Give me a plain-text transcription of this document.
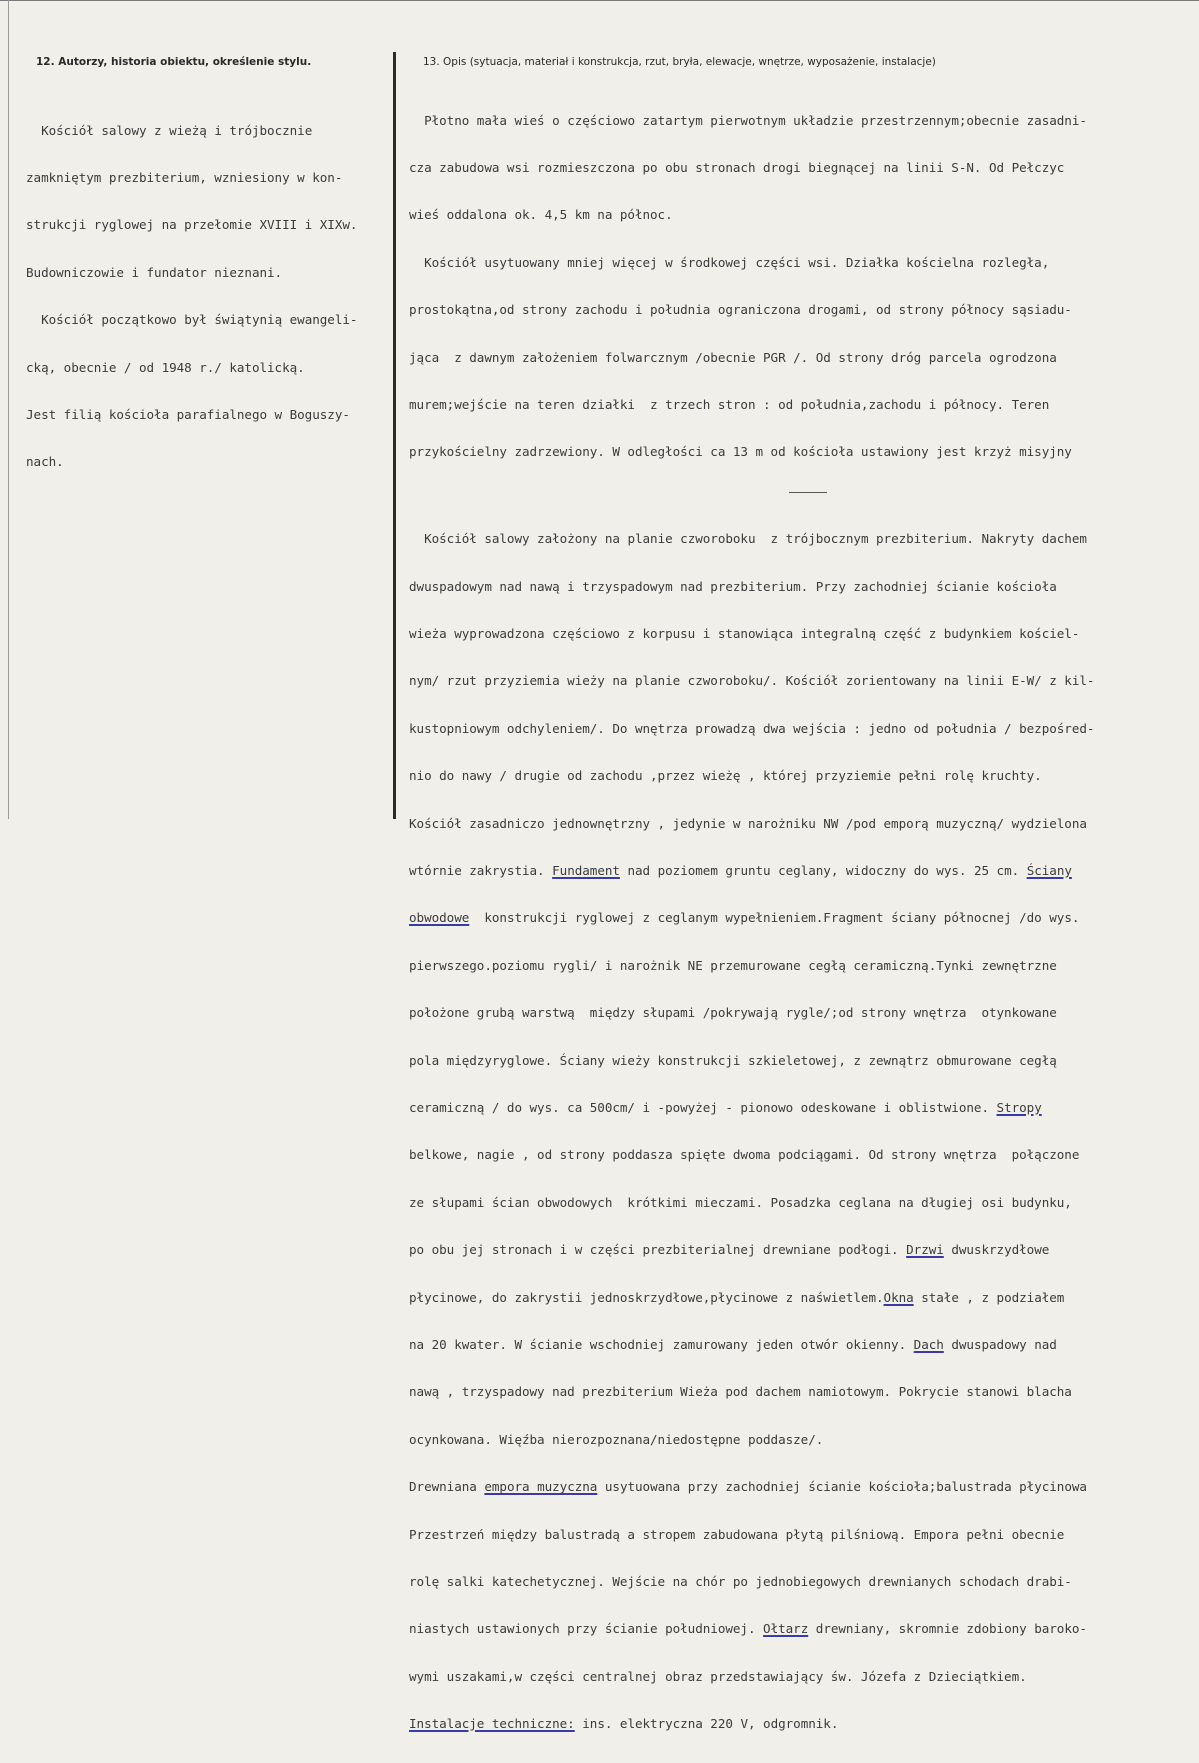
12. Autorzy, historia obiektu, określenie stylu.	13. Opis (sytuacja, materiał i konstrukcja, rzut, bryła, elewacje, wnętrze, wyposażenie, instalacje)

Kościół salowy z wieżą i trójbocznie

zamkniętym prezbiterium, wzniesiony w kon-

strukcji ryglowej na przełomie XVIII i XIXw.

Budowniczowie i fundator nieznani.

Kościół początkowo był świątynią ewangeli-

cką, obecnie / od 1948 r./ katolicką.

Jest filią kościoła parafialnego w Boguszy-

nach.

Płotno mała wieś o częściowo zatartym pierwotnym układzie przestrzennym;obecnie zasadni-

cza zabudowa wsi rozmieszczona po obu stronach drogi biegnącej na linii S-N. Od Pełczyc

wieś oddalona ok. 4,5 km na północ.

Kościół usytuowany mniej więcej w środkowej części wsi. Działka kościelna rozległa,

prostokątna,od strony zachodu i południa ograniczona drogami, od strony północy sąsiadu-

jąca  z dawnym założeniem folwarcznym /obecnie PGR /. Od strony dróg parcela ogrodzona

murem;wejście na teren działki  z trzech stron : od południa,zachodu i północy. Teren

przykościelny zadrzewiony. W odległości ca 13 m od kościoła ustawiony jest krzyż misyjny

Kościół salowy założony na planie czworoboku  z trójbocznym prezbiterium. Nakryty dachem

dwuspadowym nad nawą i trzyspadowym nad prezbiterium. Przy zachodniej ścianie kościoła

wieża wyprowadzona częściowo z korpusu i stanowiąca integralną część z budynkiem kościel-

nym/ rzut przyziemia wieży na planie czworoboku/. Kościół zorientowany na linii E-W/ z kil-

kustopniowym odchyleniem/. Do wnętrza prowadzą dwa wejścia : jedno od południa / bezpośred-

nio do nawy / drugie od zachodu ,przez wieżę , której przyziemie pełni rolę kruchty.

Kościół zasadniczo jednownętrzny , jedynie w narożniku NW /pod emporą muzyczną/ wydzielona

wtórnie zakrystia. Fundament nad poziomem gruntu ceglany, widoczny do wys. 25 cm. Ściany

obwodowe konstrukcji ryglowej z ceglanym wypełnieniem.Fragment ściany północnej /do wys.

pierwszego.poziomu rygli/ i narożnik NE przemurowane cegłą ceramiczną.Tynki zewnętrzne

położone grubą warstwą  między słupami /pokrywają rygle/;od strony wnętrza  otynkowane

pola międzyryglowe. Ściany wieży konstrukcji szkieletowej, z zewnątrz obmurowane cegłą

ceramiczną / do wys. ca 500cm/ i -powyżej - pionowo odeskowane i oblistwione. Stropy

belkowe, nagie , od strony poddasza spięte dwoma podciągami. Od strony wnętrza  połączone

ze słupami ścian obwodowych  krótkimi mieczami. Posadzka ceglana na długiej osi budynku,

po obu jej stronach i w części prezbiterialnej drewniane podłogi. Drzwi dwuskrzydłowe

płycinowe, do zakrystii jednoskrzydłowe,płycinowe z naświetlem.Okna stałe , z podziałem

na 20 kwater. W ścianie wschodniej zamurowany jeden otwór okienny. Dach dwuspadowy nad

nawą , trzyspadowy nad prezbiterium Wieża pod dachem namiotowym. Pokrycie stanowi blacha

ocynkowana. Więźba nierozpoznana/niedostępne poddasze/.

Drewniana empora muzyczna usytuowana przy zachodniej ścianie kościoła;balustrada płycinowa

Przestrzeń między balustradą a stropem zabudowana płytą pilśniową. Empora pełni obecnie

rolę salki katechetycznej. Wejście na chór po jednobiegowych drewnianych schodach drabi-

niastych ustawionych przy ścianie południowej. Ołtarz drewniany, skromnie zdobiony baroko-

wymi uszakami,w części centralnej obraz przedstawiający św. Józefa z Dzieciątkiem.

Instalacje techniczne: ins. elektryczna 220 V, odgromnik.
